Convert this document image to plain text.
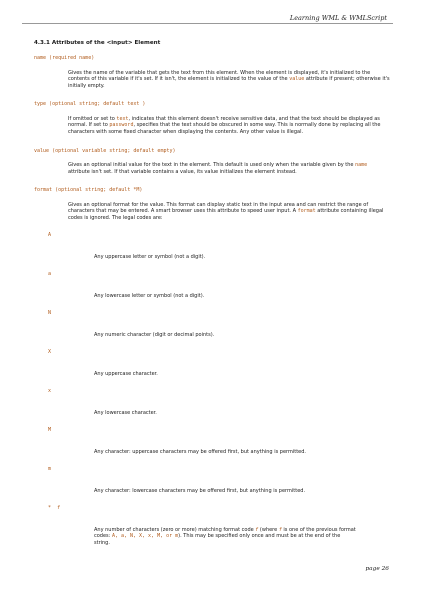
Learning WML & WMLScript
4.3.1 Attributes of the <input> Element
name (required name)
Gives the name of the variable that gets the text from this element. When the element is displayed, it's initialized to the contents of this variable if it's set. If it isn't, the element is initialized to the value of the value attribute if present; otherwise it's initially empty.
type (optional string; default text )
If omitted or set to text, indicates that this element doesn't receive sensitive data, and that the text should be displayed as normal. If set to password, specifies that the text should be obscured in some way. This is normally done by replacing all the characters with some fixed character when displaying the contents. Any other value is illegal.
value (optional variable string; default empty)
Gives an optional initial value for the text in the element. This default is used only when the variable given by the name attribute isn't set. If that variable contains a value, its value initializes the element instead.
format (optional string; default *M)
Gives an optional format for the value. This format can display static text in the input area and can restrict the range of characters that may be entered. A smart browser uses this attribute to speed user input. A format attribute containing illegal codes is ignored. The legal codes are:
A
Any uppercase letter or symbol (not a digit).
a
Any lowercase letter or symbol (not a digit).
N
Any numeric character (digit or decimal points).
X
Any uppercase character.
x
Any lowercase character.
M
Any character: uppercase characters may be offered first, but anything is permitted.
m
Any character: lowercase characters may be offered first, but anything is permitted.
* f
Any number of characters (zero or more) matching format code f (where f is one of the previous format codes: A, a, N, X, x, M, or m). This may be specified only once and must be at the end of the string.
page 26
